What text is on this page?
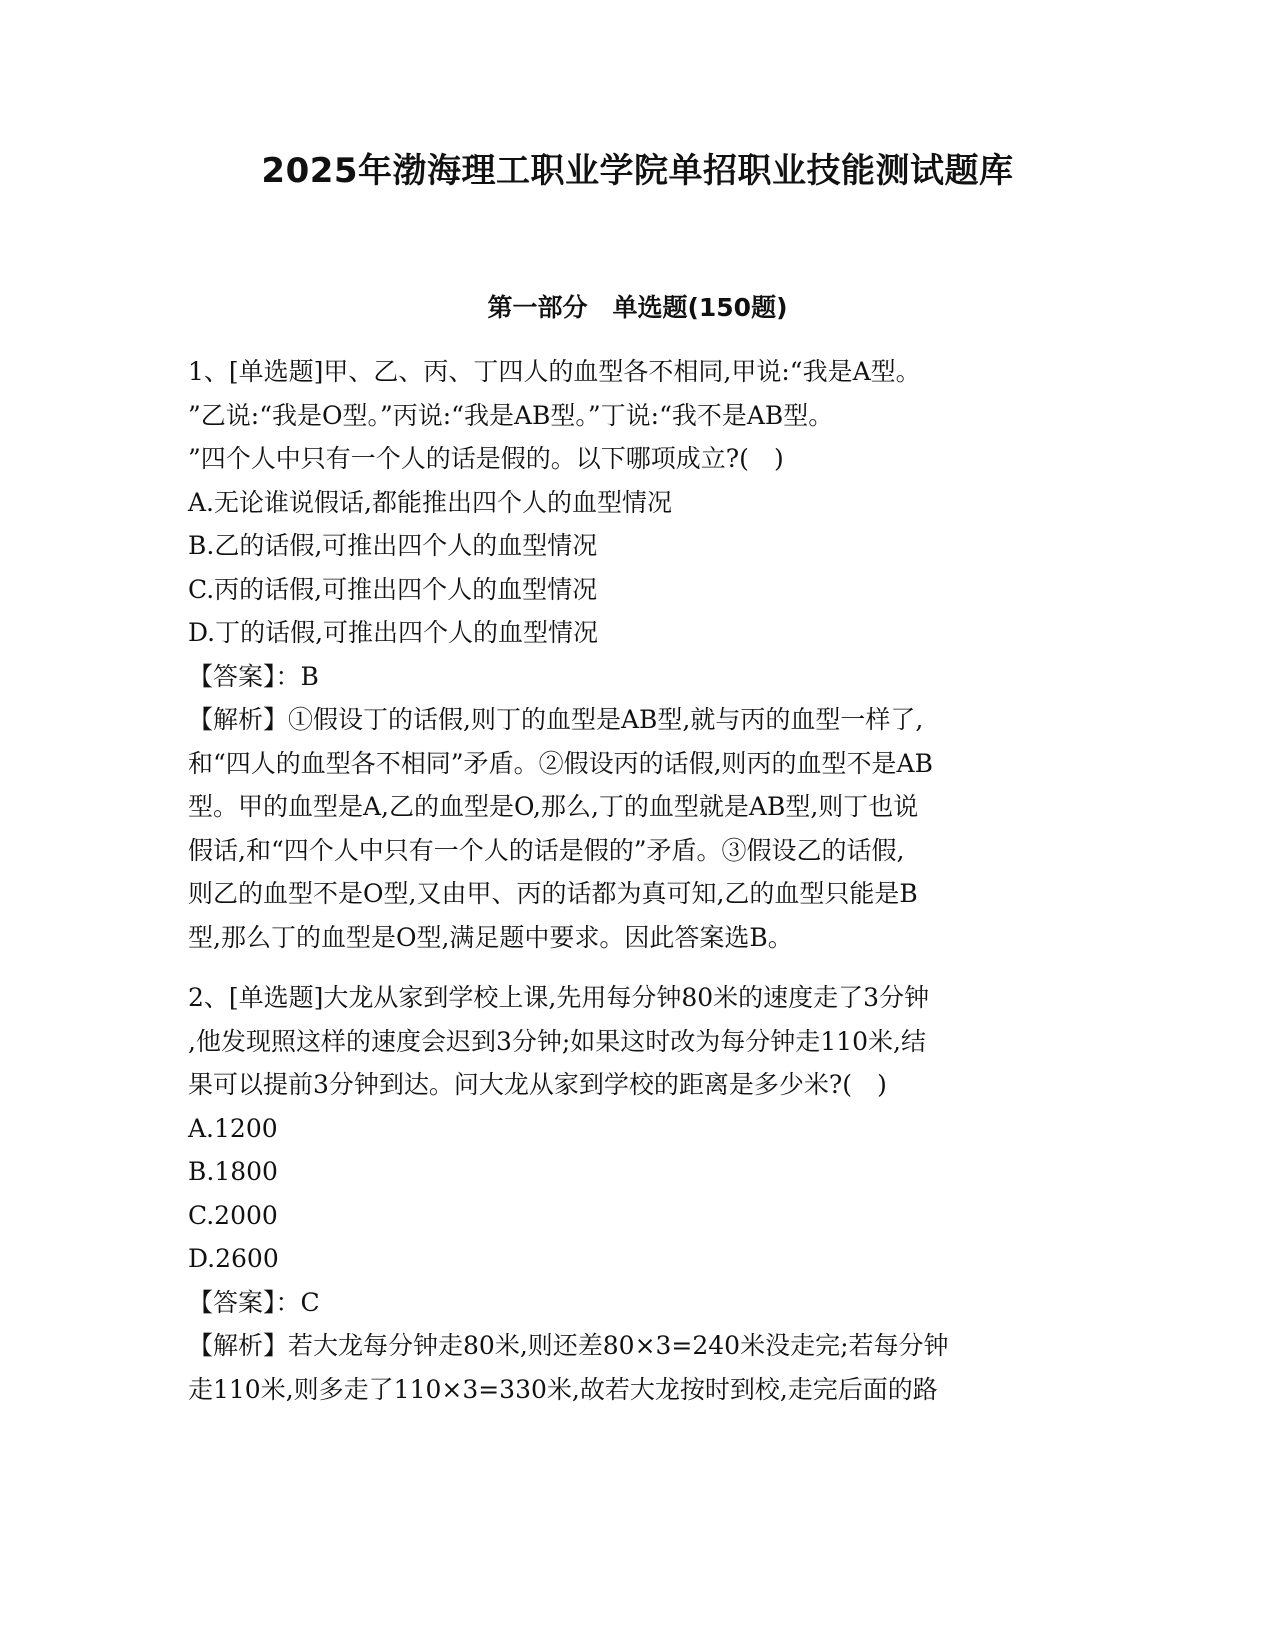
2025年渤海理工职业学院单招职业技能测试题库
第一部分　单选题(150题)
1、[单选题]甲、乙、丙、丁四人的血型各不相同,甲说:“我是A型。
”乙说:“我是O型。”丙说:“我是AB型。”丁说:“我不是AB型。
”四个人中只有一个人的话是假的。以下哪项成立?(　)
A.无论谁说假话,都能推出四个人的血型情况
B.乙的话假,可推出四个人的血型情况
C.丙的话假,可推出四个人的血型情况
D.丁的话假,可推出四个人的血型情况
【答案】：B
【解析】①假设丁的话假,则丁的血型是AB型,就与丙的血型一样了,
和“四人的血型各不相同”矛盾。②假设丙的话假,则丙的血型不是AB
型。甲的血型是A,乙的血型是O,那么,丁的血型就是AB型,则丁也说
假话,和“四个人中只有一个人的话是假的”矛盾。③假设乙的话假,
则乙的血型不是O型,又由甲、丙的话都为真可知,乙的血型只能是B
型,那么丁的血型是O型,满足题中要求。因此答案选B。
2、[单选题]大龙从家到学校上课,先用每分钟80米的速度走了3分钟
,他发现照这样的速度会迟到3分钟;如果这时改为每分钟走110米,结
果可以提前3分钟到达。问大龙从家到学校的距离是多少米?(　)
A.1200
B.1800
C.2000
D.2600
【答案】：C
【解析】若大龙每分钟走80米,则还差80×3=240米没走完;若每分钟
走110米,则多走了110×3=330米,故若大龙按时到校,走完后面的路
